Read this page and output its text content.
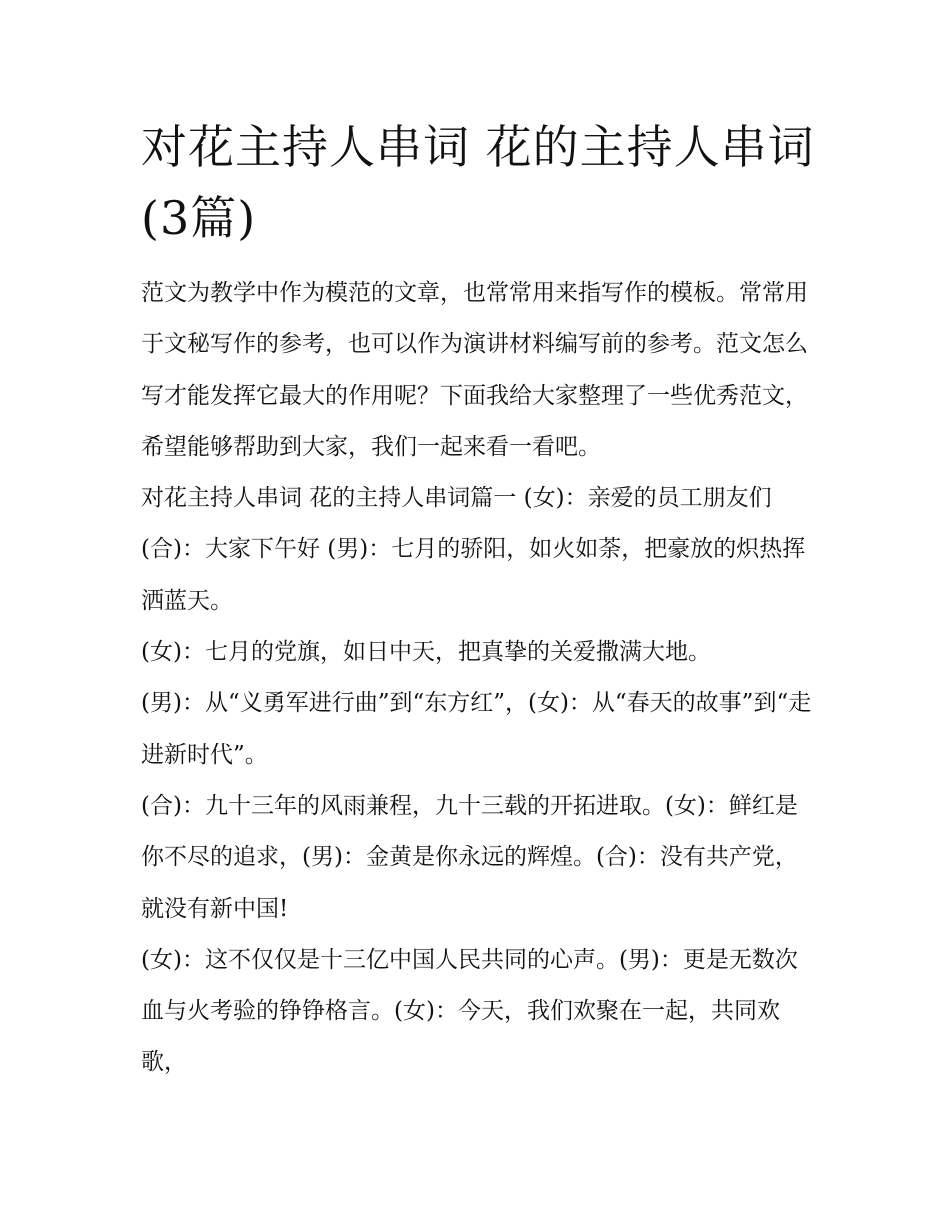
对花主持人串词 花的主持人串词(3篇)

范文为教学中作为模范的文章，也常常用来指写作的模板。常常用于文秘写作的参考，也可以作为演讲材料编写前的参考。范文怎么写才能发挥它最大的作用呢？下面我给大家整理了一些优秀范文，希望能够帮助到大家，我们一起来看一看吧。

对花主持人串词 花的主持人串词篇一 (女)：亲爱的员工朋友们 (合)：大家下午好 (男)：七月的骄阳，如火如荼，把豪放的炽热挥洒蓝天。

(女)：七月的党旗，如日中天，把真挚的关爱撒满大地。

(男)：从“义勇军进行曲”到“东方红”，(女)：从“春天的故事”到“走进新时代”。

(合)：九十三年的风雨兼程，九十三载的开拓进取。(女)：鲜红是你不尽的追求，(男)：金黄是你永远的辉煌。(合)：没有共产党，就没有新中国!

(女)：这不仅仅是十三亿中国人民共同的心声。(男)：更是无数次血与火考验的铮铮格言。(女)：今天，我们欢聚在一起，共同欢歌，
